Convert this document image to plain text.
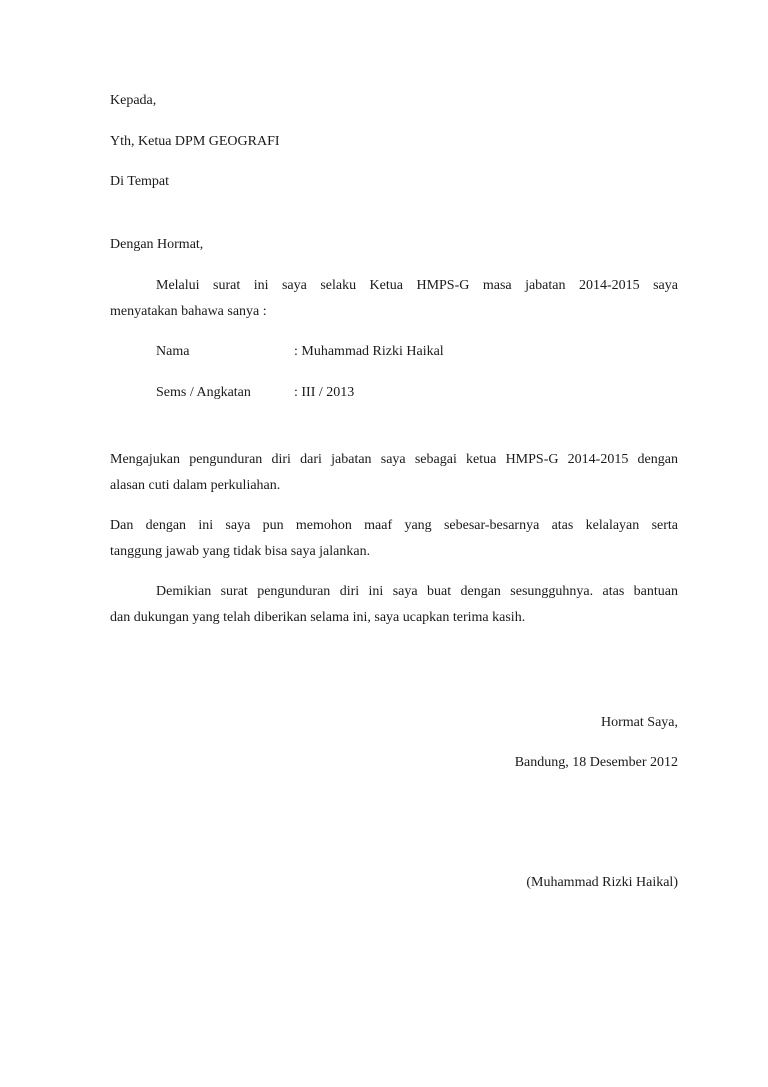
Kepada,
Yth, Ketua DPM GEOGRAFI
Di Tempat
Dengan Hormat,
Melalui surat ini saya selaku Ketua HMPS-G masa jabatan 2014-2015 saya
menyatakan bahawa sanya :
Nama	: Muhammad Rizki Haikal
Sems / Angkatan	: III / 2013
Mengajukan pengunduran diri dari jabatan saya sebagai ketua HMPS-G 2014-2015 dengan
alasan cuti dalam perkuliahan.
Dan dengan ini saya pun memohon maaf yang sebesar-besarnya atas kelalayan serta
tanggung jawab yang tidak bisa saya jalankan.
Demikian surat pengunduran diri ini saya buat dengan sesungguhnya. atas bantuan
dan dukungan yang telah diberikan selama ini, saya ucapkan terima kasih.
Hormat Saya,
Bandung, 18 Desember 2012
(Muhammad Rizki Haikal)
